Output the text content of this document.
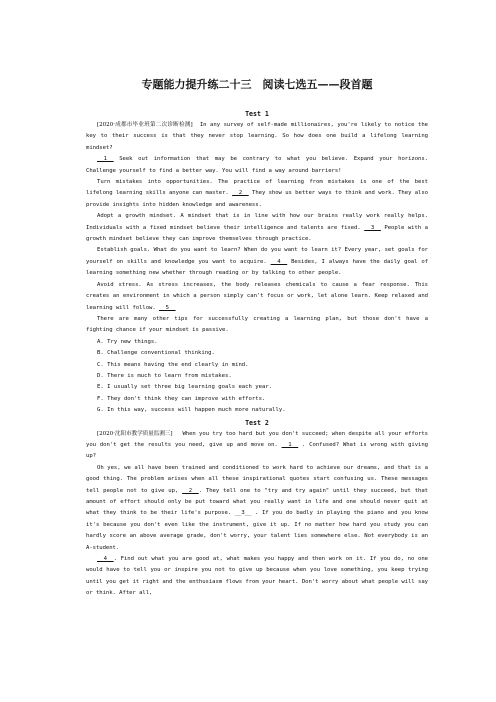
专题能力提升练二十三　阅读七选五——段首题
Test 1

[2020·成都市毕业班第二次诊断检测] In any survey of self-made millionaires, you're likely to notice the key to their success is that they never stop learning. So how does one build a lifelong learning mindset?

__1__ Seek out information that may be contrary to what you believe. Expand your horizons. Challenge yourself to find a better way. You will find a way around barriers!

Turn mistakes into opportunities. The practice of learning from mistakes is one of the best lifelong learning skills anyone can master. __2__ They show us better ways to think and work. They also provide insights into hidden knowledge and awareness.

Adopt a growth mindset. A mindset that is in line with how our brains really work really helps. Individuals with a fixed mindset believe their intelligence and talents are fixed. __3__ People with a growth mindset believe they can improve themselves through practice.

Establish goals. What do you want to learn? When do you want to learn it? Every year, set goals for yourself on skills and knowledge you want to acquire. __4__ Besides, I always have the daily goal of learning something new whether through reading or by talking to other people.

Avoid stress. As stress increases, the body releases chemicals to cause a fear response. This creates an environment in which a person simply can't focus or work, let alone learn. Keep relaxed and learning will follow. __5__

There are many other tips for successfully creating a learning plan, but those don't have a fighting chance if your mindset is passive.

A. Try new things.
B. Challenge conventional thinking.
C. This means having the end clearly in mind.
D. There is much to learn from mistakes.
E. I usually set three big learning goals each year.
F. They don't think they can improve with efforts.
G. In this way, success will happen much more naturally.
Test 2

[2020·沈阳市教学质量监测三] When you try too hard but you don't succeed; when despite all your efforts you don't get the results you need, give up and move on. __1__ . Confused? What is wrong with giving up?

Oh yes, we all have been trained and conditioned to work hard to achieve our dreams, and that is a good thing. The problem arises when all these inspirational quotes start confusing us. These messages tell people not to give up, __2__. They tell one to "try and try again" until they succeed, but that amount of effort should only be put toward what you really want in life and one should never quit at what they think to be their life's purpose. __3__ . If you do badly in playing the piano and you know it's because you don't even like the instrument, give it up. If no matter how hard you study you can hardly score an above average grade, don't worry, your talent lies somewhere else. Not everybody is an A-student.

__4__. Find out what you are good at, what makes you happy and then work on it. If you do, no one would have to tell you or inspire you not to give up because when you love something, you keep trying until you get it right and the enthusiasm flows from your heart. Don't worry about what people will say or think. After all,
